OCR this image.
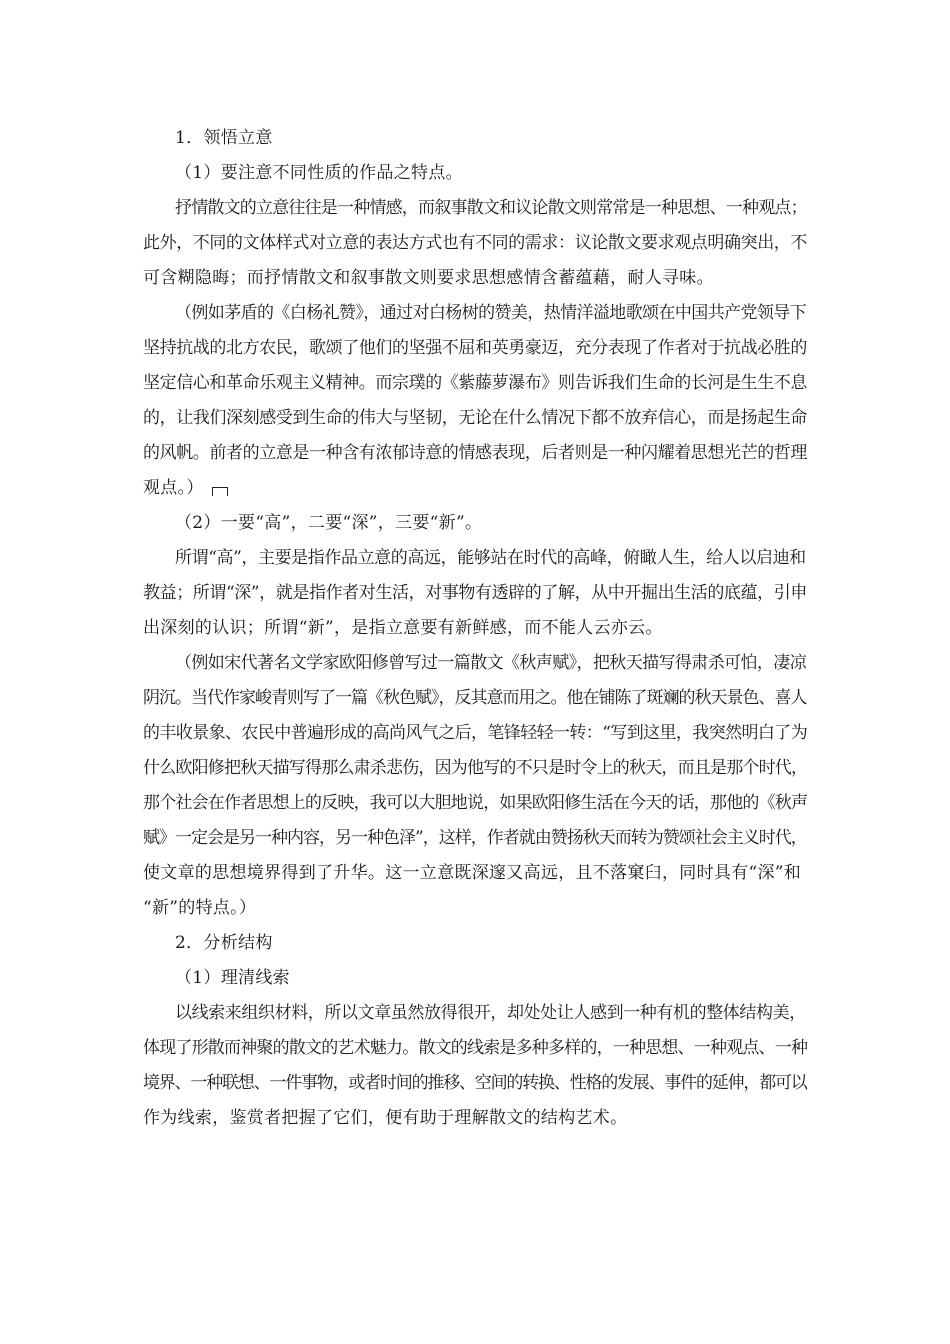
1．领悟立意
（1）要注意不同性质的作品之特点。
抒情散文的立意往往是一种情感，而叙事散文和议论散文则常常是一种思想、一种观点；
此外，不同的文体样式对立意的表达方式也有不同的需求：议论散文要求观点明确突出，不
可含糊隐晦；而抒情散文和叙事散文则要求思想感情含蓄蕴藉，耐人寻味。
（例如茅盾的《白杨礼赞》，通过对白杨树的赞美，热情洋溢地歌颂在中国共产党领导下
坚持抗战的北方农民，歌颂了他们的坚强不屈和英勇豪迈，充分表现了作者对于抗战必胜的
坚定信心和革命乐观主义精神。而宗璞的《紫藤萝瀑布》则告诉我们生命的长河是生生不息
的，让我们深刻感受到生命的伟大与坚韧，无论在什么情况下都不放弃信心，而是扬起生命
的风帆。前者的立意是一种含有浓郁诗意的情感表现，后者则是一种闪耀着思想光芒的哲理
观点。）
（2）一要“高”，二要“深”，三要“新”。
所谓“高”，主要是指作品立意的高远，能够站在时代的高峰，俯瞰人生，给人以启迪和
教益；所谓“深”，就是指作者对生活，对事物有透辟的了解，从中开掘出生活的底蕴，引申
出深刻的认识；所谓“新”，是指立意要有新鲜感，而不能人云亦云。
（例如宋代著名文学家欧阳修曾写过一篇散文《秋声赋》，把秋天描写得肃杀可怕，凄凉
阴沉。当代作家峻青则写了一篇《秋色赋》，反其意而用之。他在铺陈了斑斓的秋天景色、喜人
的丰收景象、农民中普遍形成的高尚风气之后，笔锋轻轻一转：“写到这里，我突然明白了为
什么欧阳修把秋天描写得那么肃杀悲伤，因为他写的不只是时令上的秋天，而且是那个时代，
那个社会在作者思想上的反映，我可以大胆地说，如果欧阳修生活在今天的话，那他的《秋声
赋》一定会是另一种内容，另一种色泽”，这样，作者就由赞扬秋天而转为赞颂社会主义时代，
使文章的思想境界得到了升华。这一立意既深邃又高远，且不落窠臼，同时具有“深”和
“新”的特点。）
2．分析结构
（1）理清线索
以线索来组织材料，所以文章虽然放得很开，却处处让人感到一种有机的整体结构美，
体现了形散而神聚的散文的艺术魅力。散文的线索是多种多样的，一种思想、一种观点、一种
境界、一种联想、一件事物，或者时间的推移、空间的转换、性格的发展、事件的延伸，都可以
作为线索，鉴赏者把握了它们，便有助于理解散文的结构艺术。
